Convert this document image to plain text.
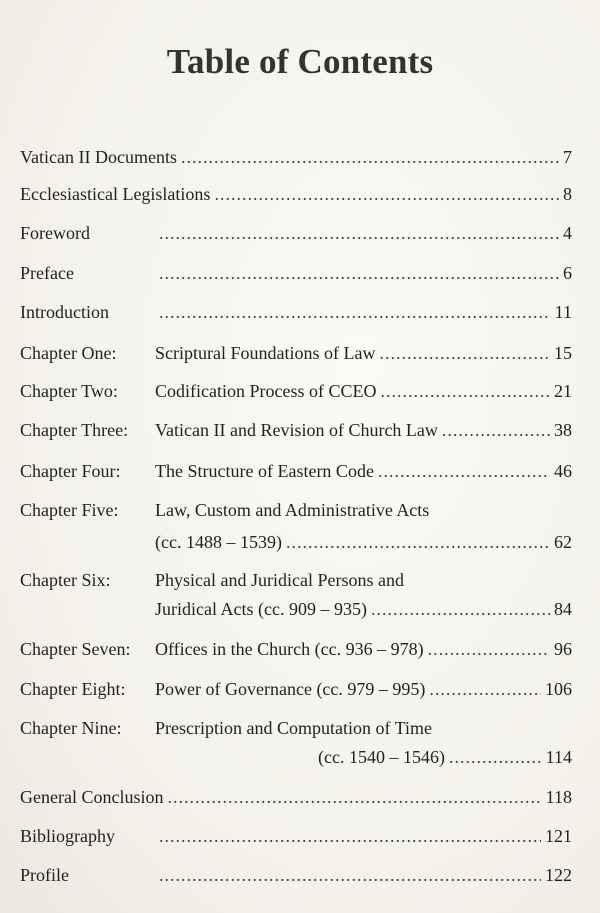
Table of Contents
Vatican II Documents .....	7
Ecclesiastical Legislations .....	8
Foreword .....	4
Preface .....	6
Introduction .....	11
Chapter One:	Scriptural Foundations of Law .....	15
Chapter Two:	Codification Process of CCEO .....	21
Chapter Three:	Vatican II and Revision of Church Law .....	38
Chapter Four:	The Structure of Eastern Code .....	46
Chapter Five:	Law, Custom and Administrative Acts
(cc. 1488 – 1539) .....	62
Chapter Six:	Physical and Juridical Persons and
Juridical Acts (cc. 909 – 935) .....	84
Chapter Seven:	Offices in the Church (cc. 936 – 978) .....	96
Chapter Eight:	Power of Governance (cc. 979 – 995) .....	106
Chapter Nine:	Prescription and Computation of Time
(cc. 1540 – 1546) .....	114
General Conclusion .....	118
Bibliography .....	121
Profile .....	122
